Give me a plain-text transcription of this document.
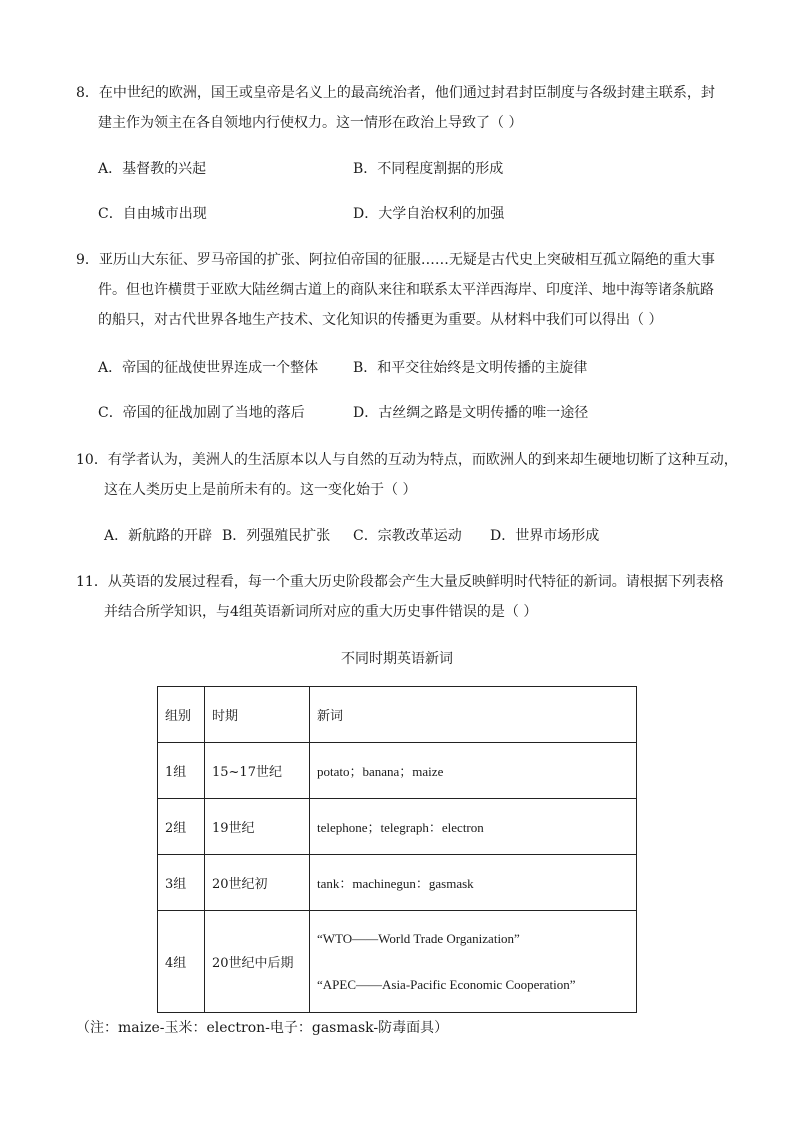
8．在中世纪的欧洲，国王或皇帝是名义上的最高统治者，他们通过封君封臣制度与各级封建主联系，封
建主作为领主在各自领地内行使权力。这一情形在政治上导致了（ ）
A．基督教的兴起	B．不同程度割据的形成
C．自由城市出现	D．大学自治权利的加强
9．亚历山大东征、罗马帝国的扩张、阿拉伯帝国的征服……无疑是古代史上突破相互孤立隔绝的重大事
件。但也许横贯于亚欧大陆丝绸古道上的商队来往和联系太平洋西海岸、印度洋、地中海等诸条航路
的船只，对古代世界各地生产技术、文化知识的传播更为重要。从材料中我们可以得出（ ）
A．帝国的征战使世界连成一个整体 B．和平交往始终是文明传播的主旋律
C．帝国的征战加剧了当地的落后	D．古丝绸之路是文明传播的唯一途径
10．有学者认为，美洲人的生活原本以人与自然的互动为特点，而欧洲人的到来却生硬地切断了这种互动，
这在人类历史上是前所未有的。这一变化始于（ ）
A．新航路的开辟 B．列强殖民扩张 C．宗教改革运动 D．世界市场形成
11．从英语的发展过程看，每一个重大历史阶段都会产生大量反映鲜明时代特征的新词。请根据下列表格
并结合所学知识，与4组英语新词所对应的重大历史事件错误的是（ ）
不同时期英语新词
组别	时期	新词
1组	15~17世纪	potato；banana；maize
2组	19世纪	telephone；telegraph：electron
3组	20世纪初	tank：machinegun：gasmask
4组	20世纪中后期	“WTO——World Trade Organization”
“APEC——Asia-Pacific Economic Cooperation”
（注：maize-玉米：electron-电子：gasmask-防毒面具）
